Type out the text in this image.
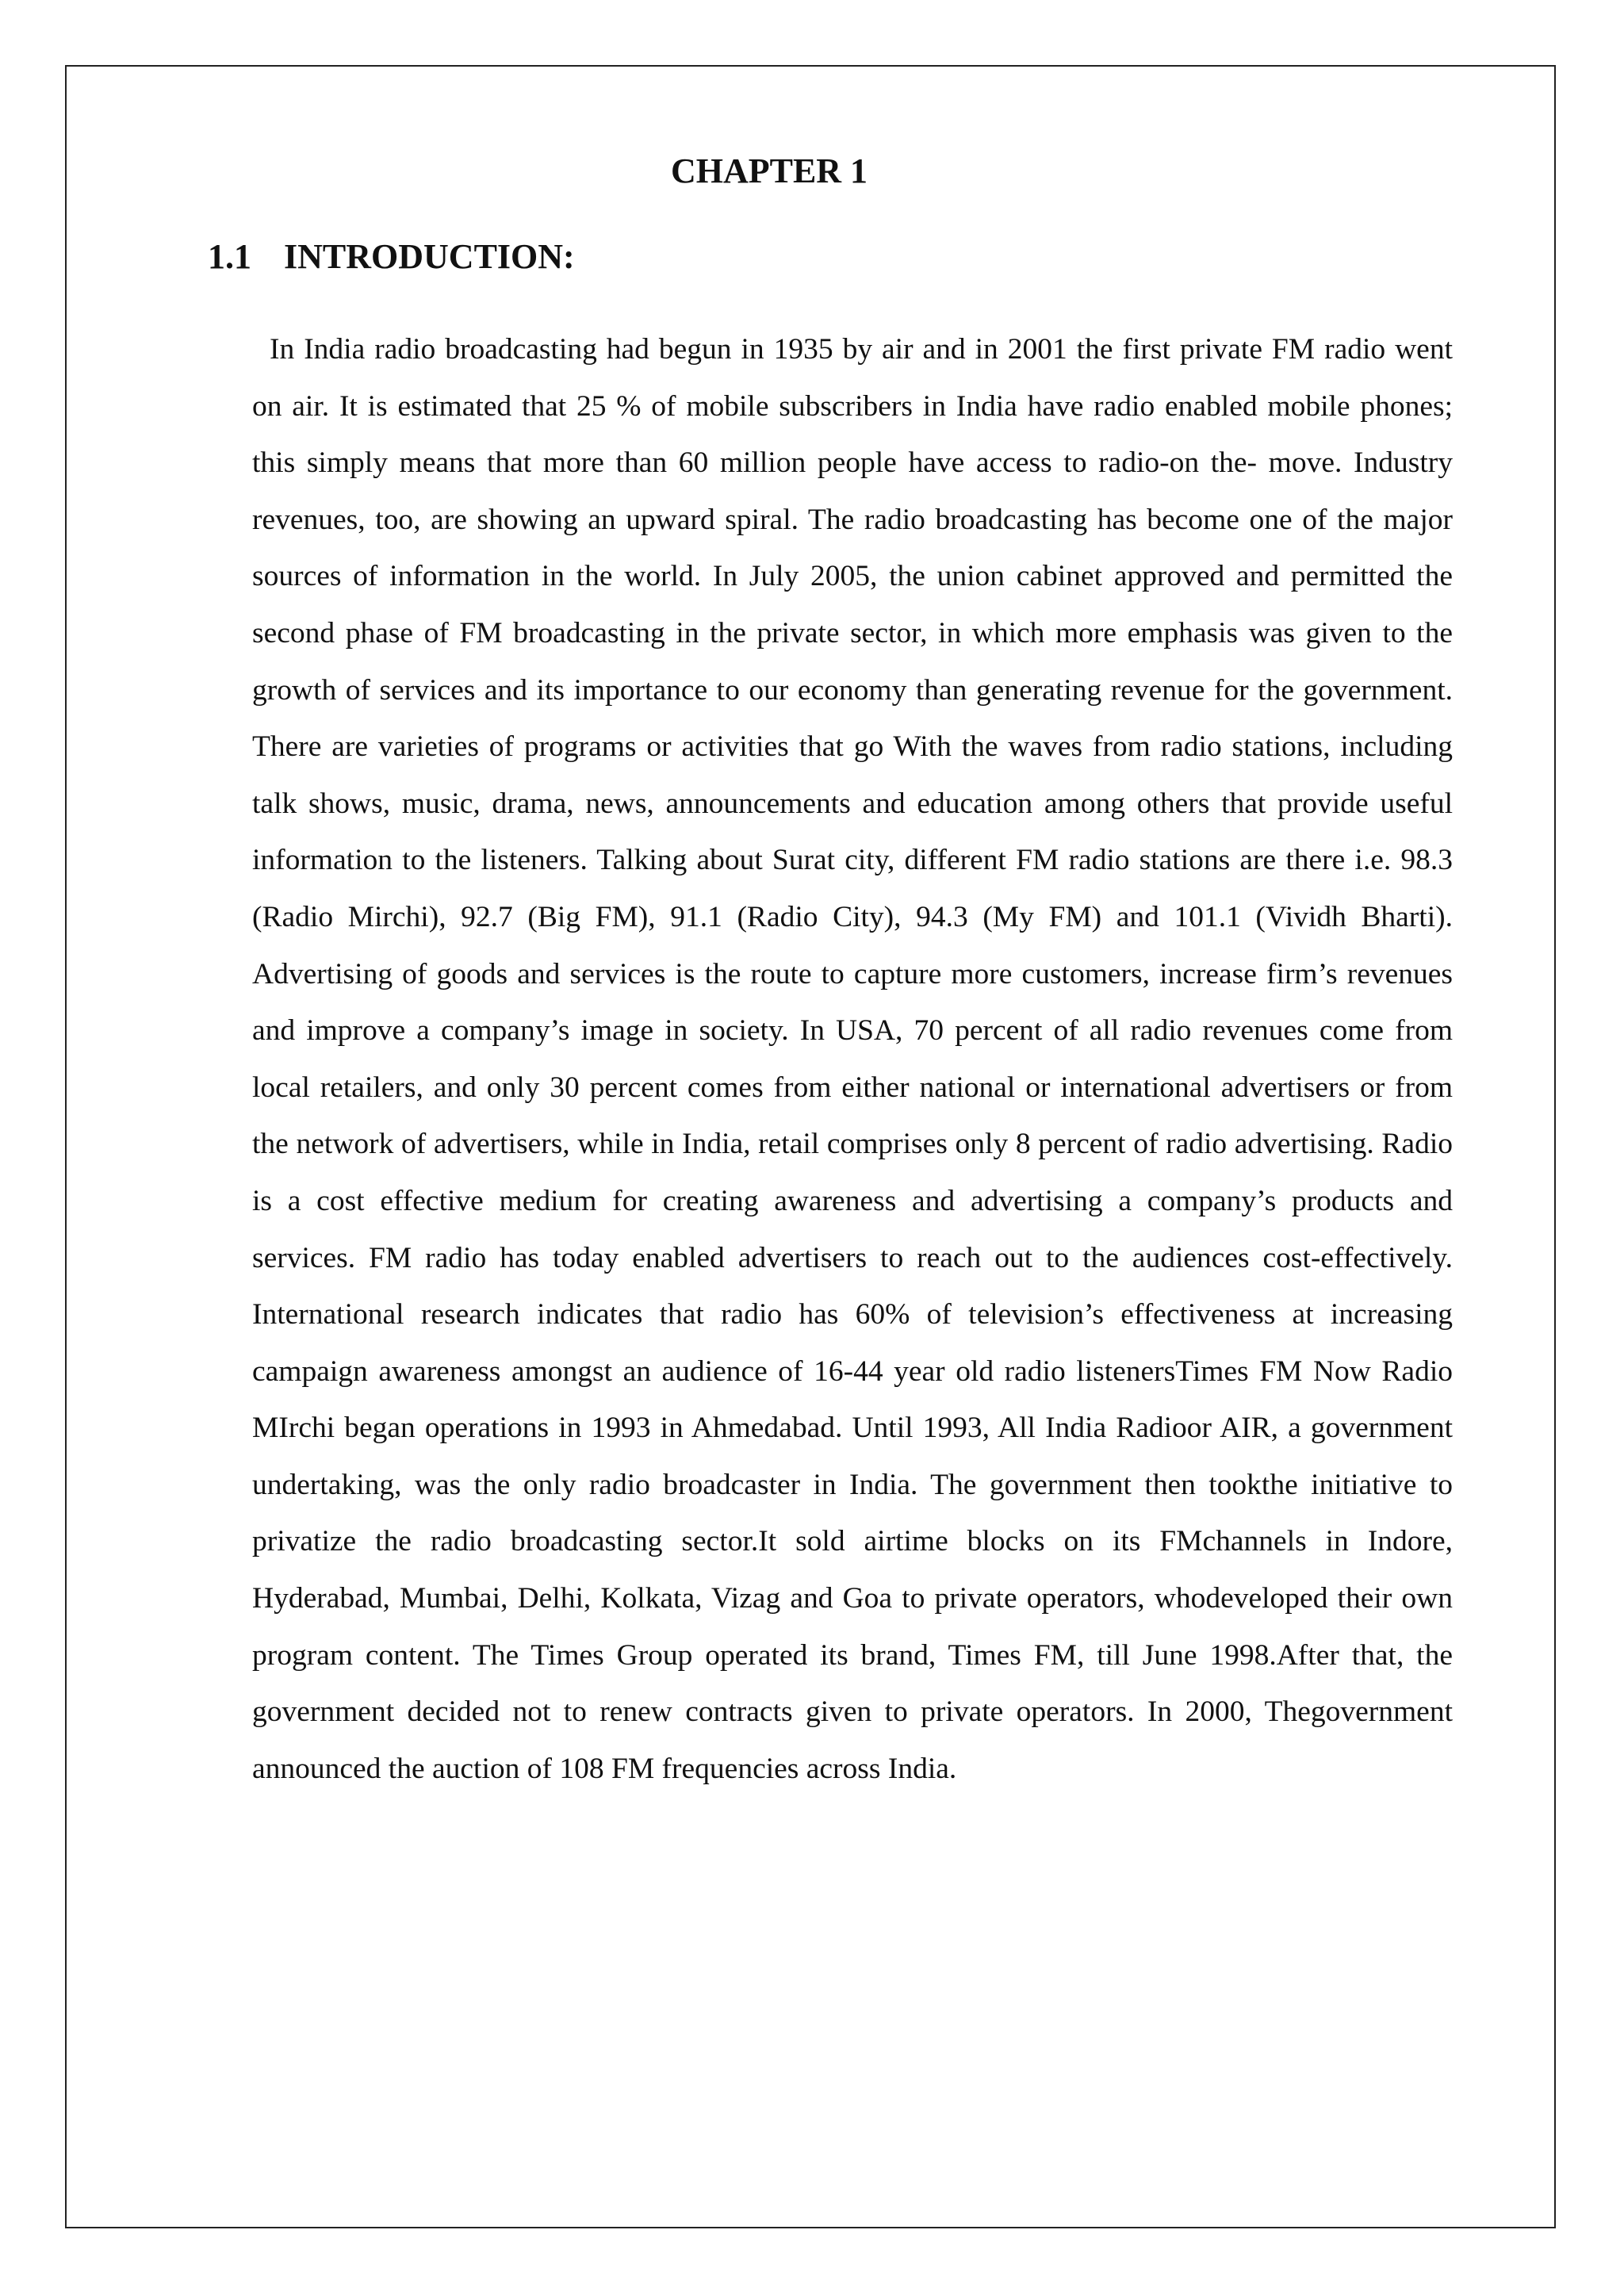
CHAPTER 1
1.1 INTRODUCTION:

In India radio broadcasting had begun in 1935 by air and in 2001 the first private FM radio went on air. It is estimated that 25 % of mobile subscribers in India have radio enabled mobile phones; this simply means that more than 60 million people have access to radio-on the- move. Industry revenues, too, are showing an upward spiral. The radio broadcasting has become one of the major sources of information in the world. In July 2005, the union cabinet approved and permitted the second phase of FM broadcasting in the private sector, in which more emphasis was given to the growth of services and its importance to our economy than generating revenue for the government. There are varieties of programs or activities that go With the waves from radio stations, including talk shows, music, drama, news, announcements and education among others that provide useful information to the listeners. Talking about Surat city, different FM radio stations are there i.e. 98.3 (Radio Mirchi), 92.7 (Big FM), 91.1 (Radio City), 94.3 (My FM) and 101.1 (Vividh Bharti). Advertising of goods and services is the route to capture more customers, increase firm’s revenues and improve a company’s image in society. In USA, 70 percent of all radio revenues come from local retailers, and only 30 percent comes from either national or international advertisers or from the network of advertisers, while in India, retail comprises only 8 percent of radio advertising. Radio is a cost effective medium for creating awareness and advertising a company’s products and services. FM radio has today enabled advertisers to reach out to the audiences cost-effectively. International research indicates that radio has 60% of television’s effectiveness at increasing campaign awareness amongst an audience of 16-44 year old radio listenersTimes FM Now Radio MIrchi began operations in 1993 in Ahmedabad. Until 1993, All India Radioor AIR, a government undertaking, was the only radio broadcaster in India. The government then tookthe initiative to privatize the radio broadcasting sector.It sold airtime blocks on its FMchannels in Indore, Hyderabad, Mumbai, Delhi, Kolkata, Vizag and Goa to private operators, whodeveloped their own program content. The Times Group operated its brand, Times FM, till June 1998.After that, the government decided not to renew contracts given to private operators. In 2000, Thegovernment announced the auction of 108 FM frequencies across India.
